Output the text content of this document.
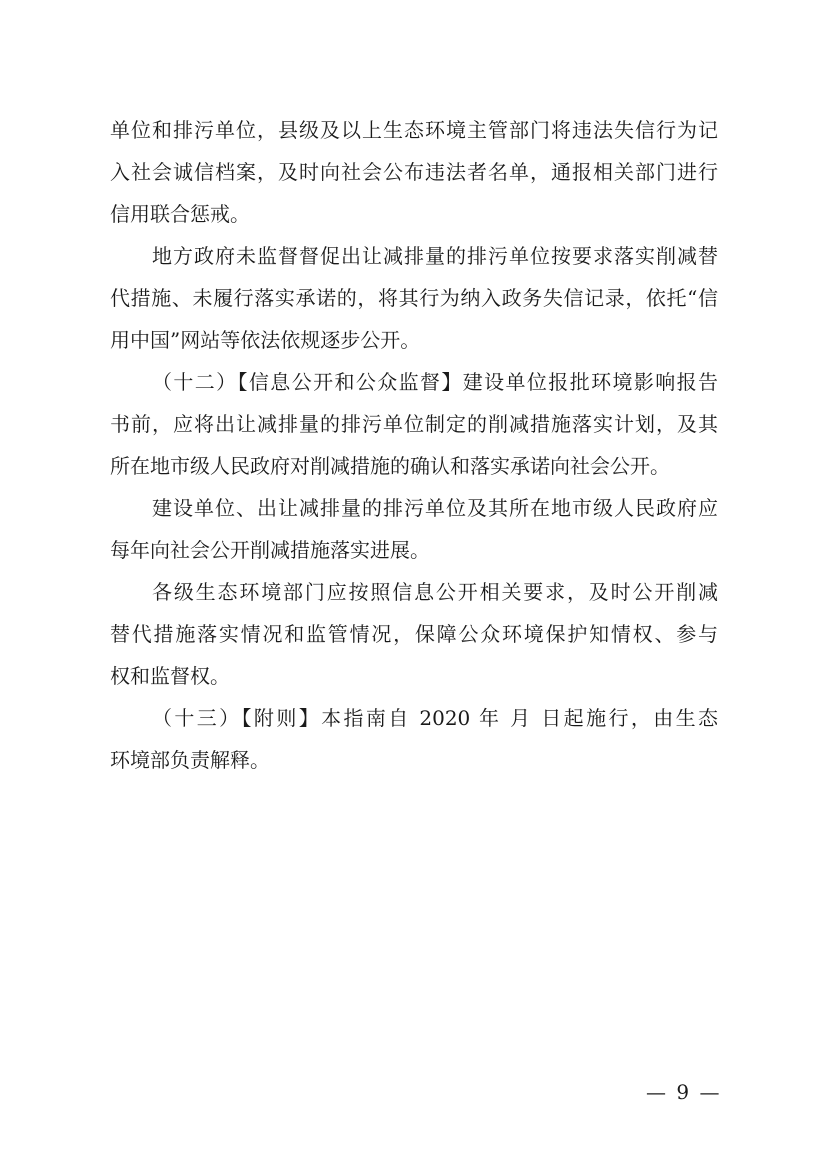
单位和排污单位，县级及以上生态环境主管部门将违法失信行为记
入社会诚信档案，及时向社会公布违法者名单，通报相关部门进行
信用联合惩戒。
地方政府未监督督促出让减排量的排污单位按要求落实削减替
代措施、未履行落实承诺的，将其行为纳入政务失信记录，依托“信
用中国”网站等依法依规逐步公开。
（十二）【信息公开和公众监督】建设单位报批环境影响报告
书前，应将出让减排量的排污单位制定的削减措施落实计划，及其
所在地市级人民政府对削减措施的确认和落实承诺向社会公开。
建设单位、出让减排量的排污单位及其所在地市级人民政府应
每年向社会公开削减措施落实进展。
各级生态环境部门应按照信息公开相关要求，及时公开削减
替代措施落实情况和监管情况，保障公众环境保护知情权、参与
权和监督权。
（十三）【附则】本指南自 2020 年 月 日起施行，由生态
环境部负责解释。
— 9 —
